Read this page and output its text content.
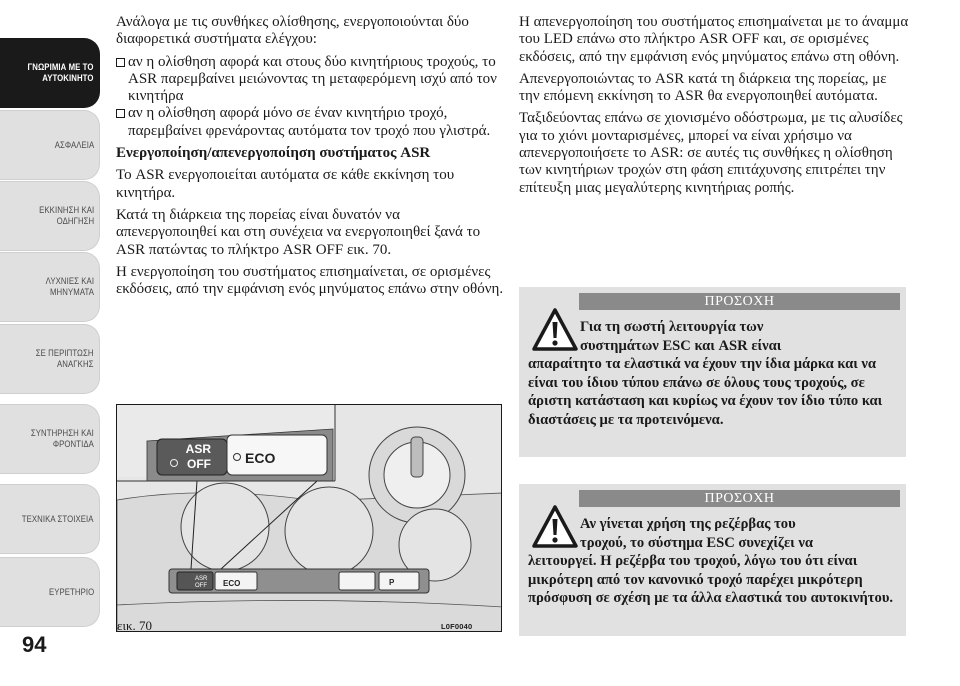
ΓΝΩΡΙΜΙΑ ΜΕ ΤΟ
ΑΥΤΟΚΙΝΗΤΟ
ΑΣΦΑΛΕΙΑ
ΕΚΚΙΝΗΣΗ ΚΑΙ
ΟΔΗΓΗΣΗ
ΛΥΧΝΙΕΣ ΚΑΙ
ΜΗΝΥΜΑΤΑ
ΣΕ ΠΕΡΙΠΤΩΣΗ
ΑΝΑΓΚΗΣ
ΣΥΝΤΗΡΗΣΗ ΚΑΙ
ΦΡΟΝΤΙΔΑ
ΤΕΧΝΙΚΑ ΣΤΟΙΧΕΙΑ
ΕΥΡΕΤΗΡΙΟ
94

Ανάλογα με τις συνθήκες ολίσθησης, ενεργοποιούνται δύο διαφορετικά συστήματα ελέγχου:

αν η ολίσθηση αφορά και στους δύο κινητήριους τροχούς, το ASR παρεμβαίνει μειώνοντας τη μεταφερόμενη ισχύ από τον κινητήρα
αν η ολίσθηση αφορά μόνο σε έναν κινητήριο τροχό, παρεμβαίνει φρενάροντας αυτόματα τον τροχό που γλιστρά.

Ενεργοποίηση/απενεργοποίηση συστήματος ASR

Το ASR ενεργοποιείται αυτόματα σε κάθε εκκίνηση του κινητήρα.

Κατά τη διάρκεια της πορείας είναι δυνατόν να απενεργοποιηθεί και στη συνέχεια να ενεργοποιηθεί ξανά το ASR πατώντας το πλήκτρο ASR OFF εικ. 70.

Η ενεργοποίηση του συστήματος επισημαίνεται, σε ορισμένες εκδόσεις, από την εμφάνιση ενός μηνύματος επάνω στην οθόνη.

ASR
OFF ECO
ASR
OFF ECO	P
εικ. 70	L0F0040

Η απενεργοποίηση του συστήματος επισημαίνεται με το άναμμα του LED επάνω στο πλήκτρο ASR OFF και, σε ορισμένες εκδόσεις, από την εμφάνιση ενός μηνύματος επάνω στη οθόνη.

Απενεργοποιώντας το ASR κατά τη διάρκεια της πορείας, με την επόμενη εκκίνηση το ASR θα ενεργοποιηθεί αυτόματα.

Ταξιδεύοντας επάνω σε χιονισμένο οδόστρωμα, με τις αλυσίδες για το χιόνι μονταρισμένες, μπορεί να είναι χρήσιμο να απενεργοποιήσετε το ASR: σε αυτές τις συνθήκες η ολίσθηση των κινητήριων τροχών στη φάση επιτάχυνσης επιτρέπει την επίτευξη μιας μεγαλύτερης κινητήριας ροπής.

ΠΡΟΣΟΧΗ
Για τη σωστή λειτουργία των
συστημάτων ESC και ASR είναι
απαραίτητο τα ελαστικά να έχουν την ίδια μάρκα και να είναι του ίδιου τύπου επάνω σε όλους τους τροχούς, σε άριστη κατάσταση και κυρίως να έχουν τον ίδιο τύπο και διαστάσεις με τα προτεινόμενα.
ΠΡΟΣΟΧΗ
Αν γίνεται χρήση της ρεζέρβας του
τροχού, το σύστημα ESC συνεχίζει να
λειτουργεί. Η ρεζέρβα του τροχού, λόγω του ότι είναι μικρότερη από τον κανονικό τροχό παρέχει μικρότερη πρόσφυση σε σχέση με τα άλλα ελαστικά του αυτοκινήτου.
